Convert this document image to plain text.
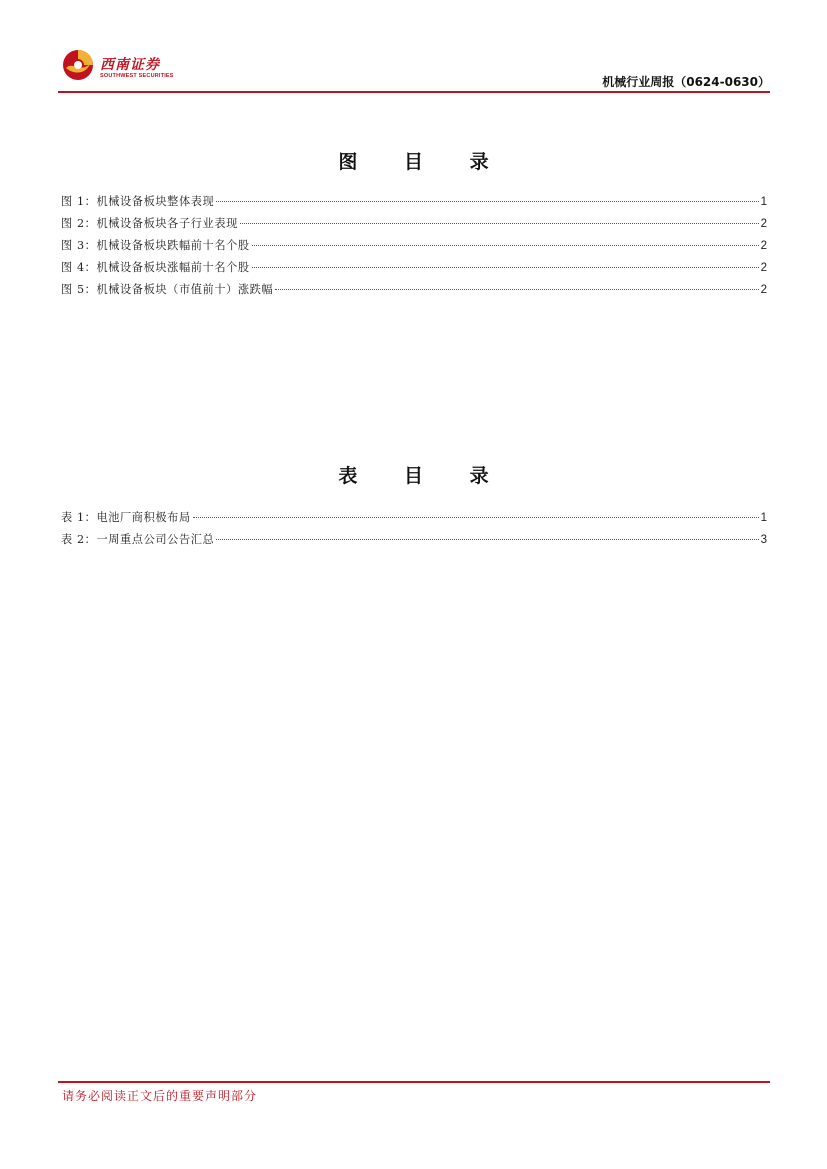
西南证券
SOUTHWEST SECURITIES	机械行业周报（0624-0630）
图 目 录
图 1：机械设备板块整体表现	1
图 2：机械设备板块各子行业表现	2
图 3：机械设备板块跌幅前十名个股	2
图 4：机械设备板块涨幅前十名个股	2
图 5：机械设备板块（市值前十）涨跌幅	2
表 目 录
表 1：电池厂商积极布局	1
表 2：一周重点公司公告汇总	3
请务必阅读正文后的重要声明部分
